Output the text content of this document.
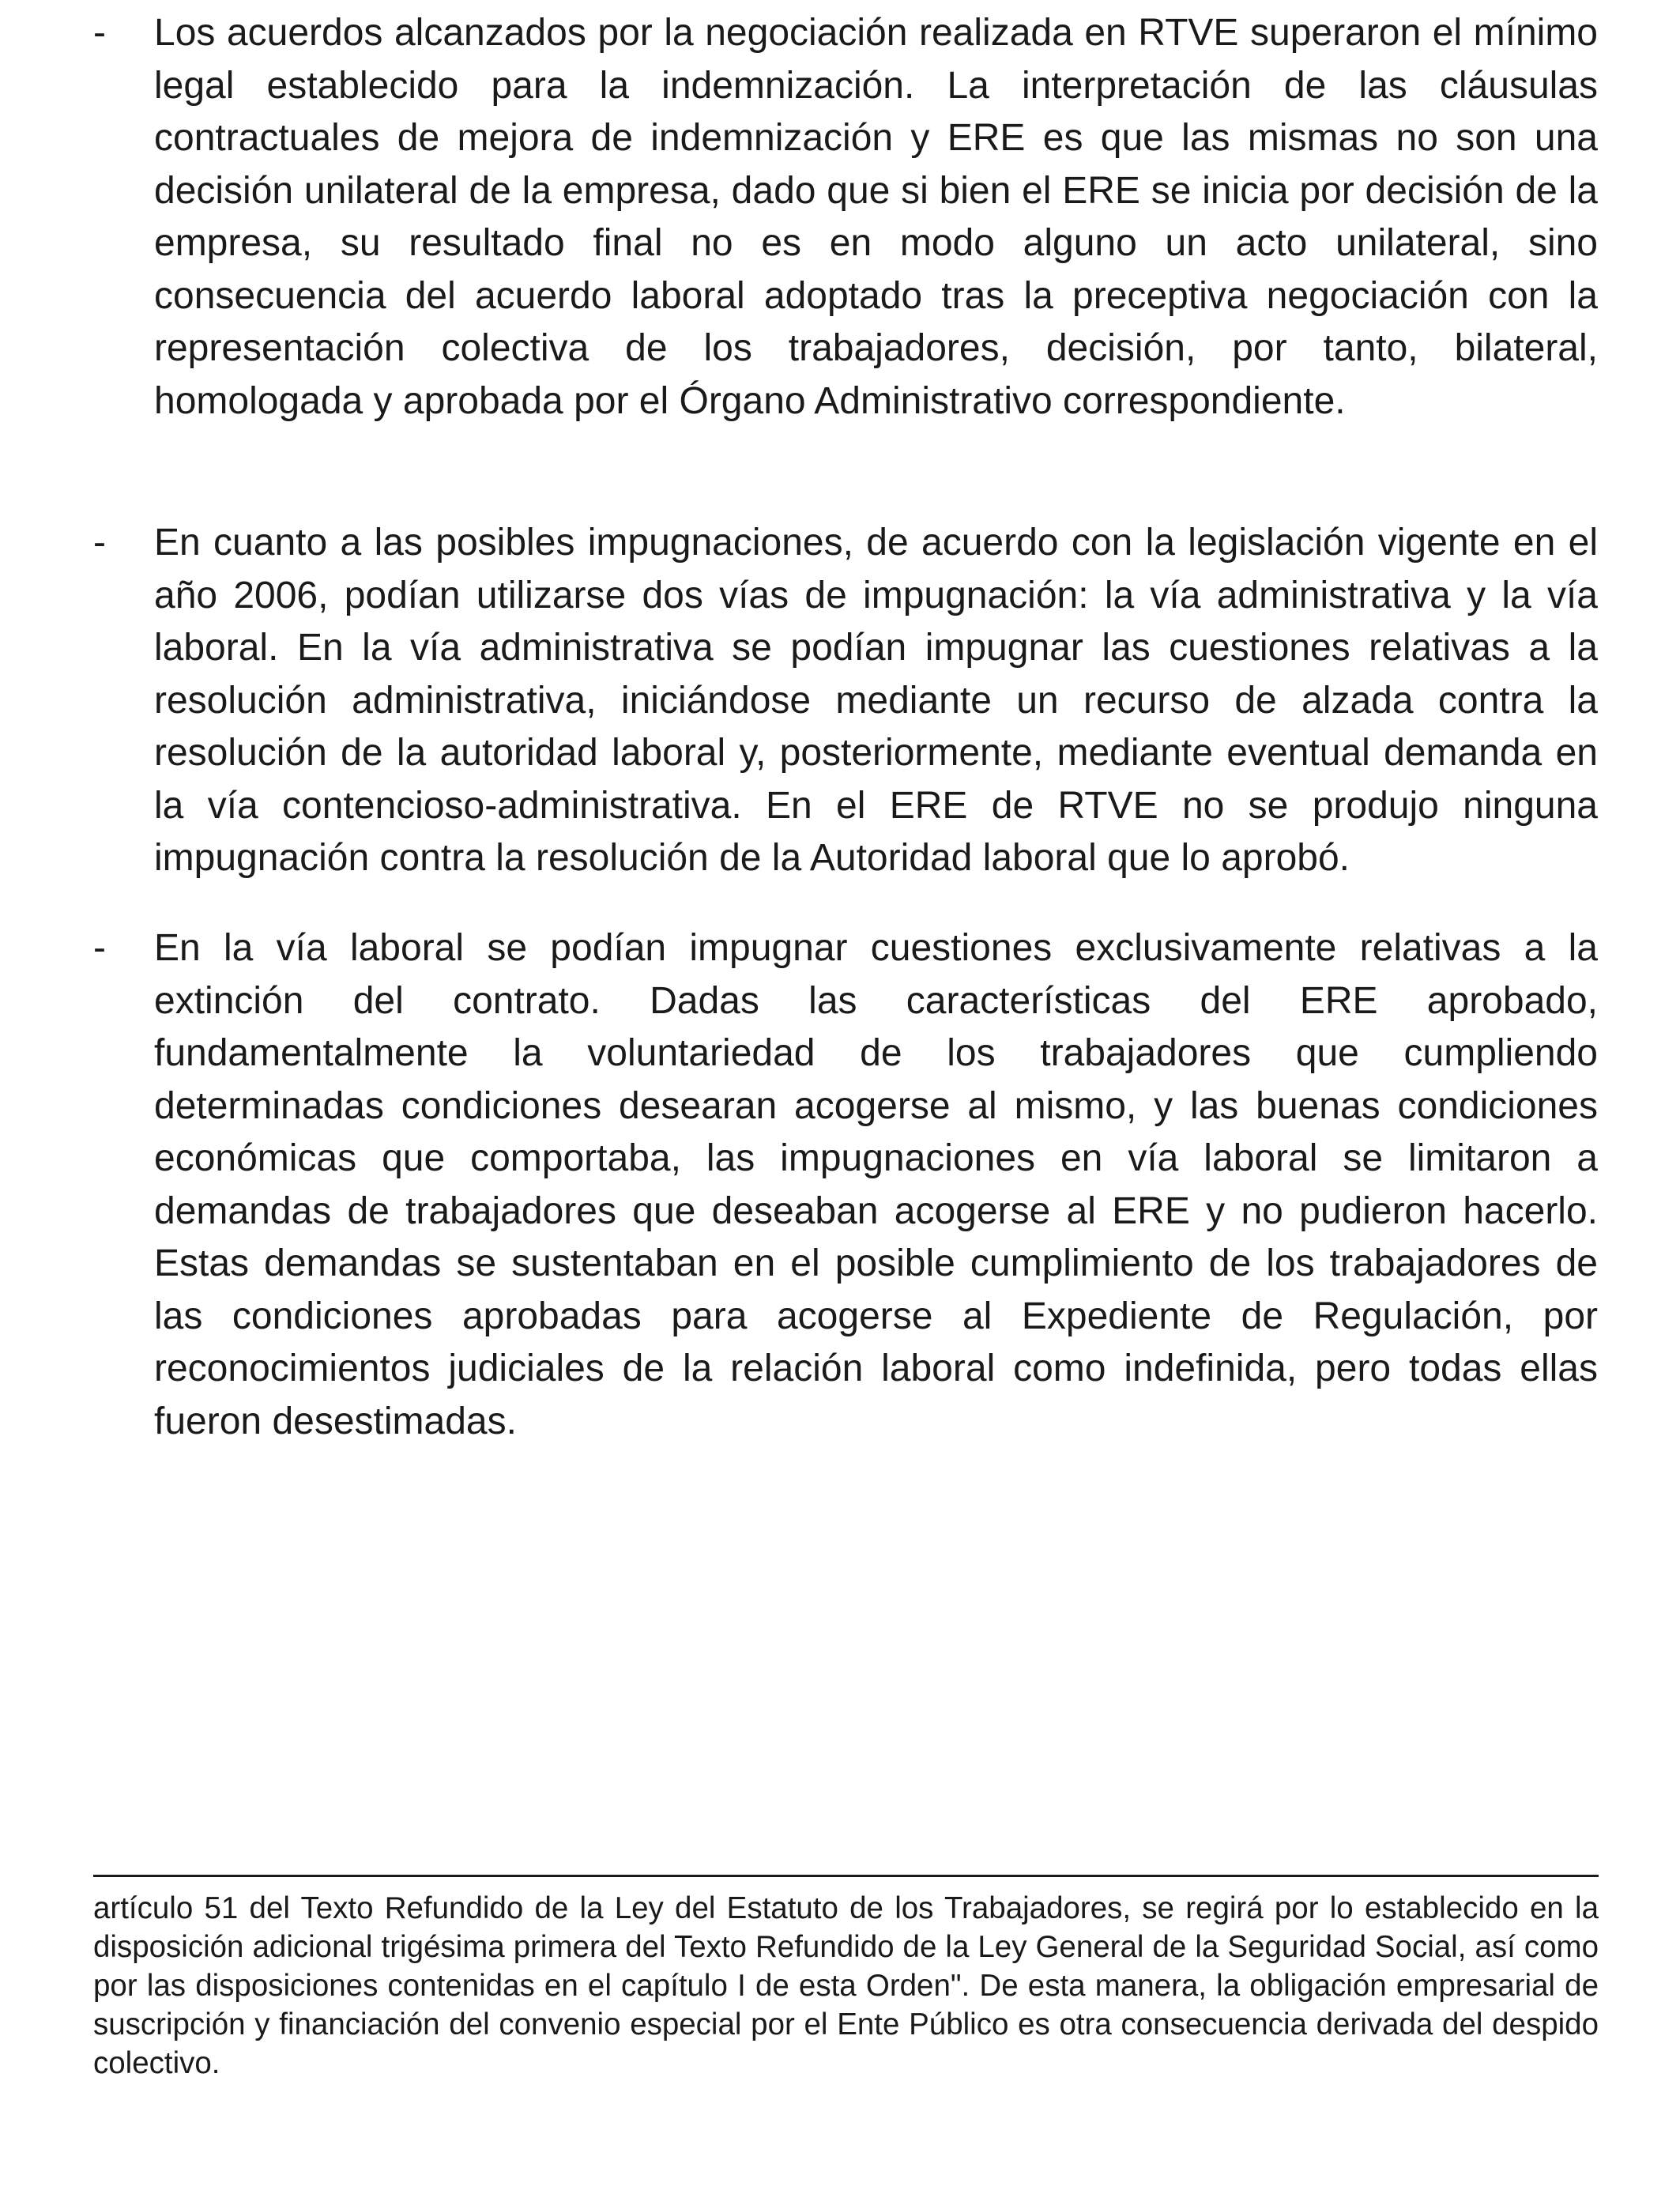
-	Los acuerdos alcanzados por la negociación realizada en RTVE superaron el mínimo legal establecido para la indemnización. La interpretación de las cláusulas contractuales de mejora de indemnización y ERE es que las mismas no son una decisión unilateral de la empresa, dado que si bien el ERE se inicia por decisión de la empresa, su resultado final no es en modo alguno un acto unilateral, sino consecuencia del acuerdo laboral adoptado tras la preceptiva negociación con la representación colectiva de los trabajadores, decisión, por tanto, bilateral, homologada y aprobada por el Órgano Administrativo correspondiente.
-	En cuanto a las posibles impugnaciones, de acuerdo con la legislación vigente en el año 2006, podían utilizarse dos vías de impugnación: la vía administrativa y la vía laboral. En la vía administrativa se podían impugnar las cuestiones relativas a la resolución administrativa, iniciándose mediante un recurso de alzada contra la resolución de la autoridad laboral y, posteriormente, mediante eventual demanda en la vía contencioso-administrativa. En el ERE de RTVE no se produjo ninguna impugnación contra la resolución de la Autoridad laboral que lo aprobó.
-	En la vía laboral se podían impugnar cuestiones exclusivamente relativas a la extinción del contrato. Dadas las características del ERE aprobado, fundamentalmente la voluntariedad de los trabajadores que cumpliendo determinadas condiciones desearan acogerse al mismo, y las buenas condiciones económicas que comportaba, las impugnaciones en vía laboral se limitaron a demandas de trabajadores que deseaban acogerse al ERE y no pudieron hacerlo. Estas demandas se sustentaban en el posible cumplimiento de los trabajadores de las condiciones aprobadas para acogerse al Expediente de Regulación, por reconocimientos judiciales de la relación laboral como indefinida, pero todas ellas fueron desestimadas.
artículo 51 del Texto Refundido de la Ley del Estatuto de los Trabajadores, se regirá por lo establecido en la disposición adicional trigésima primera del Texto Refundido de la Ley General de la Seguridad Social, así como por las disposiciones contenidas en el capítulo I de esta Orden". De esta manera, la obligación empresarial de suscripción y financiación del convenio especial por el Ente Público es otra consecuencia derivada del despido colectivo.
